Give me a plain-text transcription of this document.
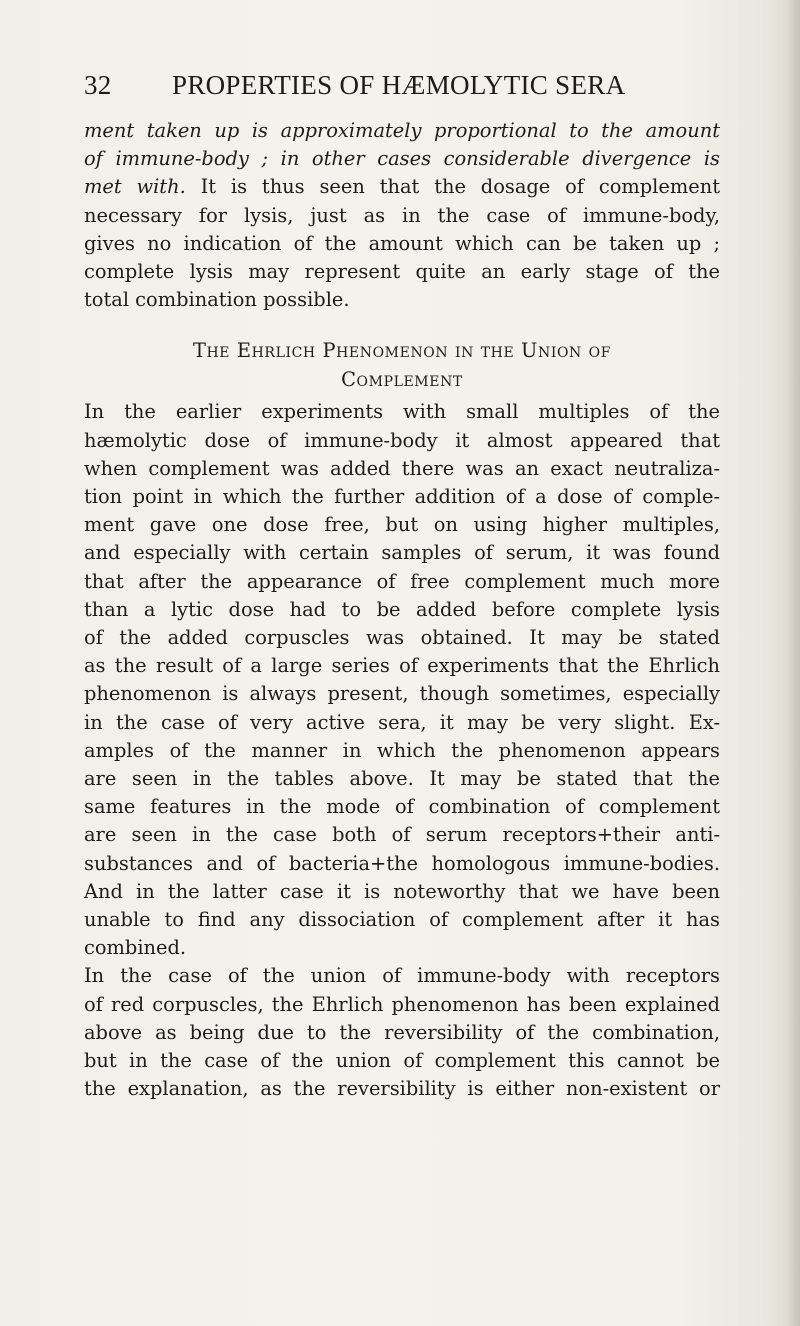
32 PROPERTIES OF HÆMOLYTIC SERA
ment taken up is approximately proportional to the amount
of immune-body ; in other cases considerable divergence is
met with. It is thus seen that the dosage of complement
necessary for lysis, just as in the case of immune-body,
gives no indication of the amount which can be taken up ;
complete lysis may represent quite an early stage of the
total combination possible.
The Ehrlich Phenomenon in the Union of
Complement
In the earlier experiments with small multiples of the
hæmolytic dose of immune-body it almost appeared that
when complement was added there was an exact neutraliza-
tion point in which the further addition of a dose of comple-
ment gave one dose free, but on using higher multiples,
and especially with certain samples of serum, it was found
that after the appearance of free complement much more
than a lytic dose had to be added before complete lysis
of the added corpuscles was obtained. It may be stated
as the result of a large series of experiments that the Ehrlich
phenomenon is always present, though sometimes, especially
in the case of very active sera, it may be very slight. Ex-
amples of the manner in which the phenomenon appears
are seen in the tables above. It may be stated that the
same features in the mode of combination of complement
are seen in the case both of serum receptors+their anti-
substances and of bacteria+the homologous immune-bodies.
And in the latter case it is noteworthy that we have been
unable to find any dissociation of complement after it has
combined.
In the case of the union of immune-body with receptors
of red corpuscles, the Ehrlich phenomenon has been explained
above as being due to the reversibility of the combination,
but in the case of the union of complement this cannot be
the explanation, as the reversibility is either non-existent or
